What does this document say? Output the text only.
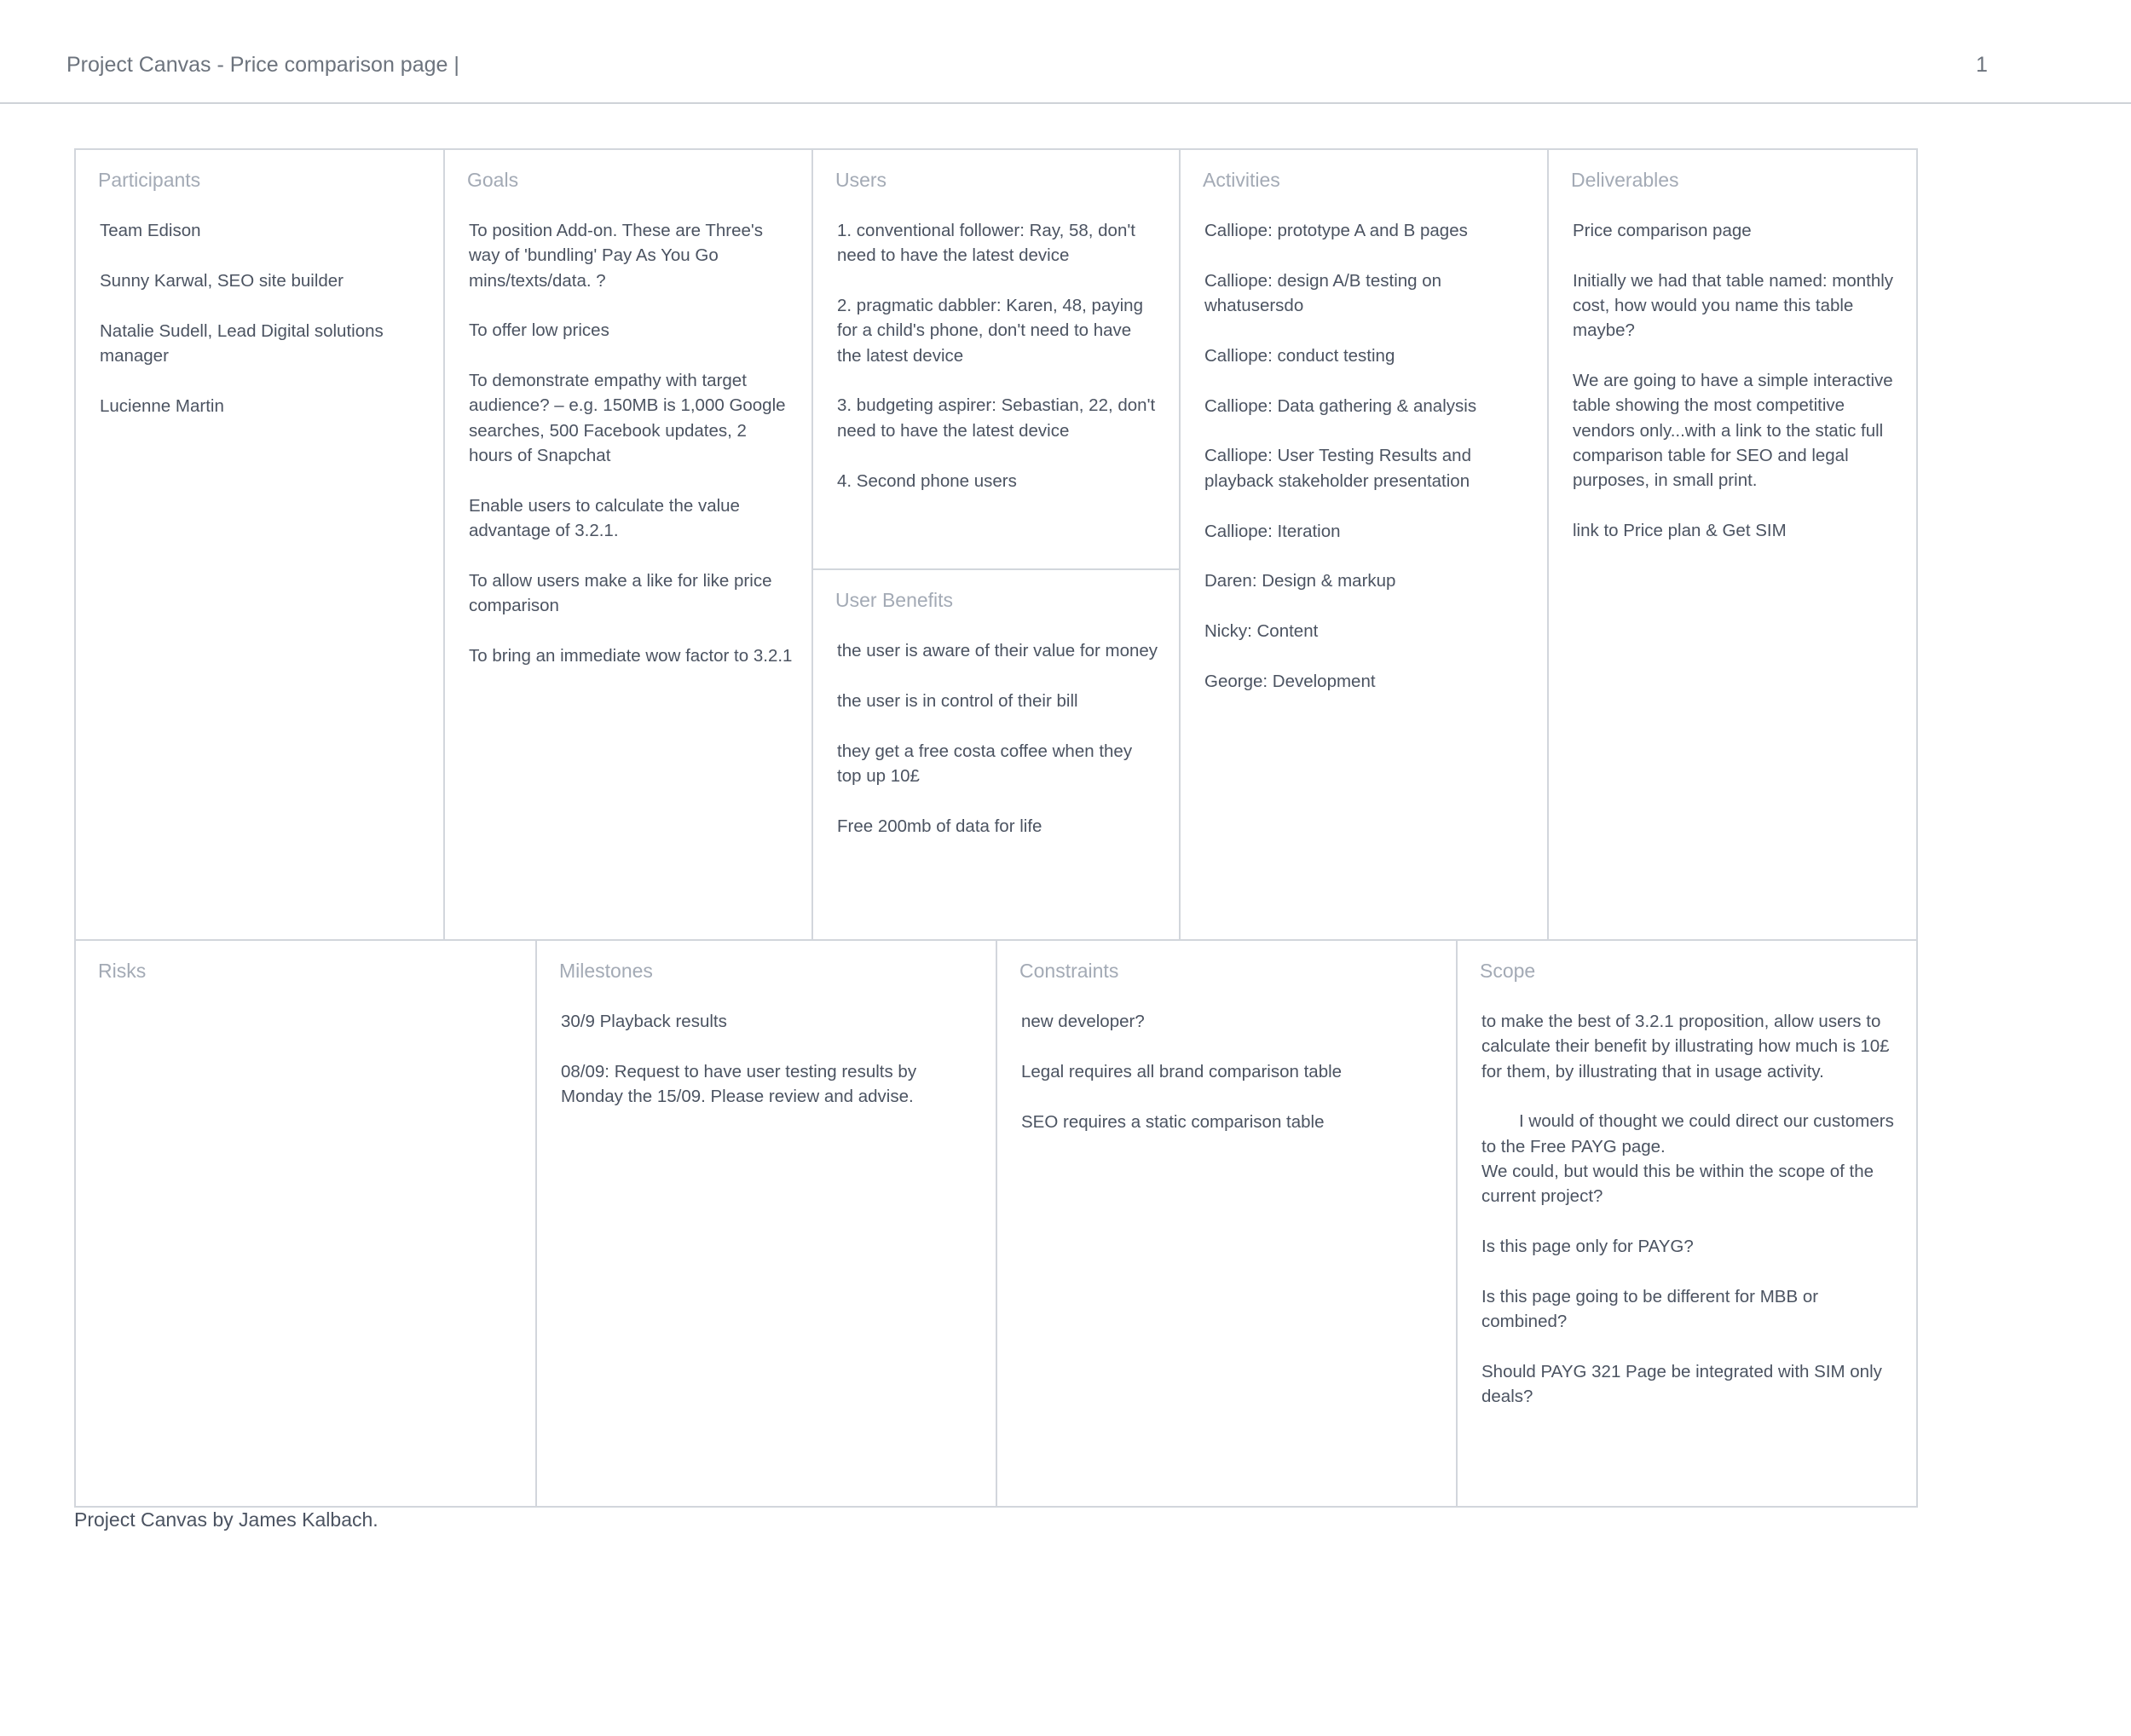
Project Canvas - Price comparison page |	1
Participants

Team Edison

Sunny Karwal, SEO site builder

Natalie Sudell, Lead Digital solutions manager

Lucienne Martin

Goals

To position Add-on. These are Three's way of 'bundling' Pay As You Go mins/texts/data. ?

To offer low prices

To demonstrate empathy with target audience? – e.g. 150MB is 1,000 Google searches, 500 Facebook updates, 2 hours of Snapchat

Enable users to calculate the value advantage of 3.2.1.

To allow users make a like for like price comparison

To bring an immediate wow factor to 3.2.1

Users

1. conventional follower: Ray, 58, don't need to have the latest device

2. pragmatic dabbler: Karen, 48, paying for a child's phone, don't need to have the latest device

3. budgeting aspirer: Sebastian, 22, don't need to have the latest device

4. Second phone users

User Benefits

the user is aware of their value for money

the user is in control of their bill

they get a free costa coffee when they top up 10£

Free 200mb of data for life

Activities

Calliope: prototype A and B pages

Calliope: design A/B testing on whatusersdo

Calliope: conduct testing

Calliope: Data gathering & analysis

Calliope: User Testing Results and playback stakeholder presentation

Calliope: Iteration

Daren: Design & markup

Nicky: Content

George: Development

Deliverables

Price comparison page

Initially we had that table named: monthly cost, how would you name this table maybe?

We are going to have a simple interactive table showing the most competitive vendors only...with a link to the static full comparison table for SEO and legal purposes, in small print.

link to Price plan & Get SIM

Risks	Milestones

30/9 Playback results

08/09: Request to have user testing results by Monday the 15/09. Please review and advise.

Constraints

new developer?

Legal requires all brand comparison table

SEO requires a static comparison table

Scope

to make the best of 3.2.1 proposition, allow users to calculate their benefit by illustrating how much is 10£ for them, by illustrating that in usage activity.

I would of thought we could direct our customers to the Free PAYG page.

We could, but would this be within the scope of the current project?

Is this page only for PAYG?

Is this page going to be different for MBB or combined?

Should PAYG 321 Page be integrated with SIM only deals?

Project Canvas by James Kalbach.
